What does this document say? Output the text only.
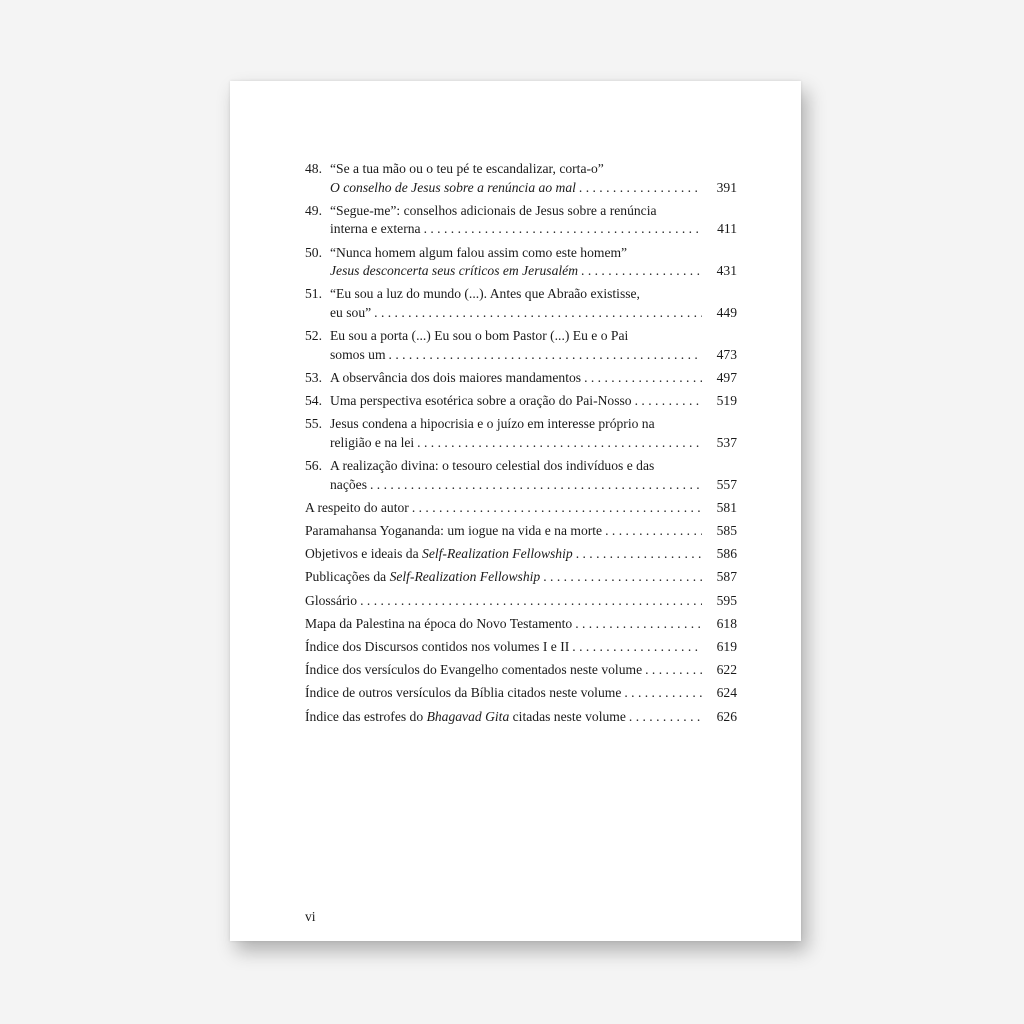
48. “Se a tua mão ou o teu pé te escandalizar, corta-o”
O conselho de Jesus sobre a renúncia ao mal . . .	391
49. “Segue-me”: conselhos adicionais de Jesus sobre a renúncia
interna e externa . . .	411
50. “Nunca homem algum falou assim como este homem”
Jesus desconcerta seus críticos em Jerusalém . . .	431
51. “Eu sou a luz do mundo (...). Antes que Abraão existisse,
eu sou” . . .	449
52. Eu sou a porta (...) Eu sou o bom Pastor (...) Eu e o Pai
somos um . . .	473
53. A observância dos dois maiores mandamentos . . .	497
54. Uma perspectiva esotérica sobre a oração do Pai-Nosso . . .	519
55. Jesus condena a hipocrisia e o juízo em interesse próprio na
religião e na lei . . .	537
56. A realização divina: o tesouro celestial dos indivíduos e das
nações . . .	557
A respeito do autor . . .	581
Paramahansa Yogananda: um iogue na vida e na morte . . .	585
Objetivos e ideais da Self-Realization Fellowship . . .	586
Publicações da Self-Realization Fellowship . . .	587
Glossário . . .	595
Mapa da Palestina na época do Novo Testamento . . .	618
Índice dos Discursos contidos nos volumes I e II . . .	619
Índice dos versículos do Evangelho comentados neste volume . . .	622
Índice de outros versículos da Bíblia citados neste volume . . .	624
Índice das estrofes do Bhagavad Gita citadas neste volume . . .	626
vi
